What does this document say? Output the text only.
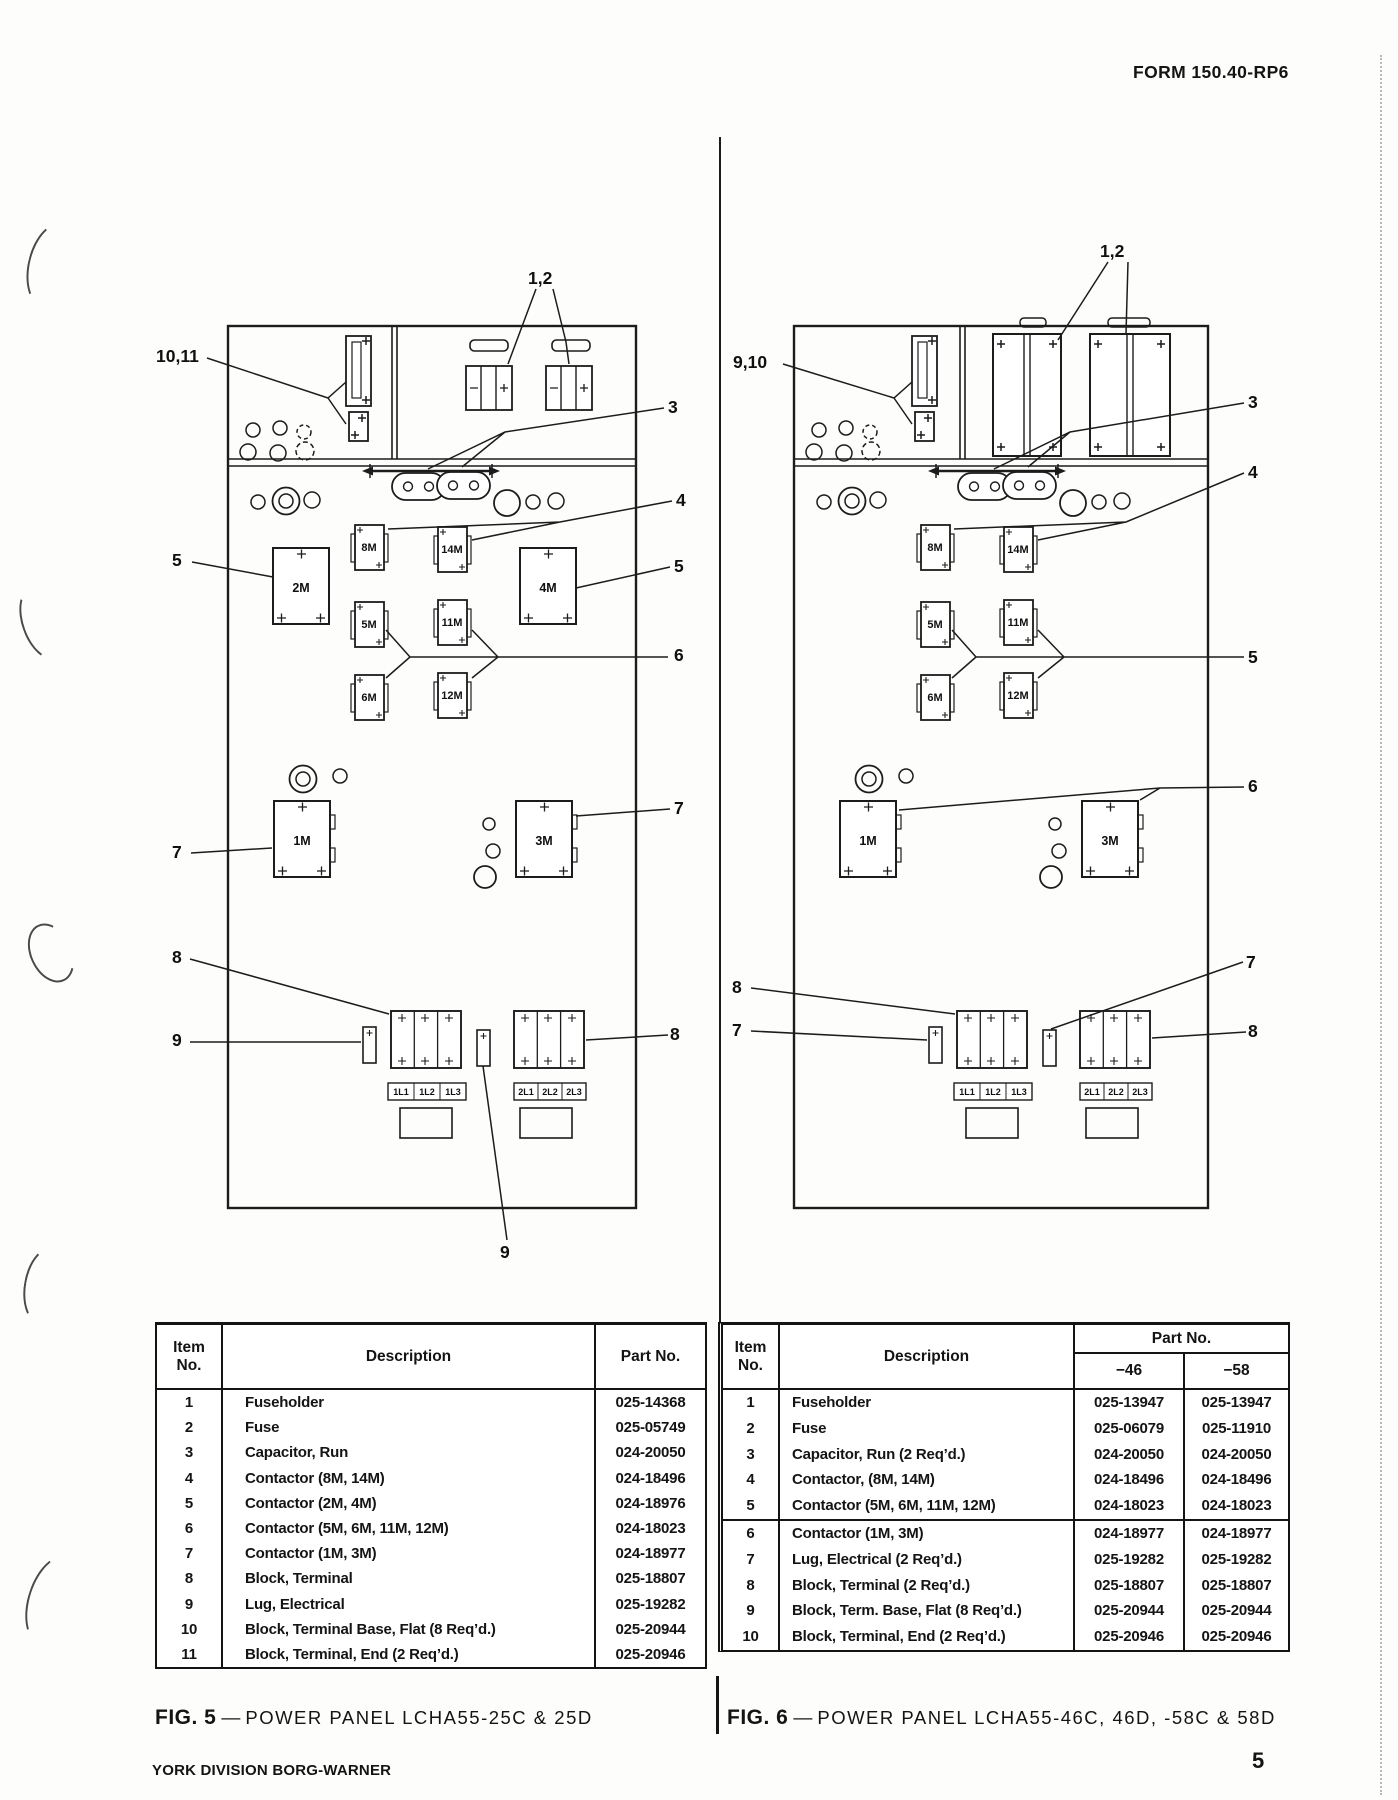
FORM 150.40-RP6
10,11
1,2
3
8M	14M
4
2M	4M
5	5
5M	11M
6M	12M
6
1M	3M
7
7
8
9	8
9
1L1 1L2 1L3	2L1 2L2 2L3
9,10
1,2
3
8M	14M
4
5M	11M
6M	12M
5
1M	3M
6
8
7
7
8
1L1 1L2 1L3	2L1 2L2 2L3
Item
No.
Description	Part No.
1	Fuseholder	025-14368
2	Fuse	025-05749
3	Capacitor, Run	024-20050
4	Contactor (8M, 14M)	024-18496
5	Contactor (2M, 4M)	024-18976
6	Contactor (5M, 6M, 11M, 12M)	024-18023
7	Contactor (1M, 3M)	024-18977
8	Block, Terminal	025-18807
9	Lug, Electrical	025-19282
10	Block, Terminal Base, Flat (8 Req’d.)	025-20944
11	Block, Terminal, End (2 Req’d.)	025-20946
Item
No.
Description
Part No.
−46	−58
1	Fuseholder	025-13947	025-13947
2	Fuse	025-06079	025-11910
3	Capacitor, Run (2 Req’d.)	024-20050	024-20050
4	Contactor, (8M, 14M)	024-18496	024-18496
5	Contactor (5M, 6M, 11M, 12M)	024-18023	024-18023
6	Contactor (1M, 3M)	024-18977	024-18977
7	Lug, Electrical (2 Req’d.)	025-19282	025-19282
8	Block, Terminal (2 Req’d.)	025-18807	025-18807
9	Block, Term. Base, Flat (8 Req’d.)	025-20944	025-20944
10	Block, Terminal, End (2 Req’d.)	025-20946	025-20946
FIG. 5 — POWER PANEL LCHA55-25C & 25D	FIG. 6 — POWER PANEL LCHA55-46C, 46D, -58C & 58D
YORK DIVISION BORG-WARNER	5
